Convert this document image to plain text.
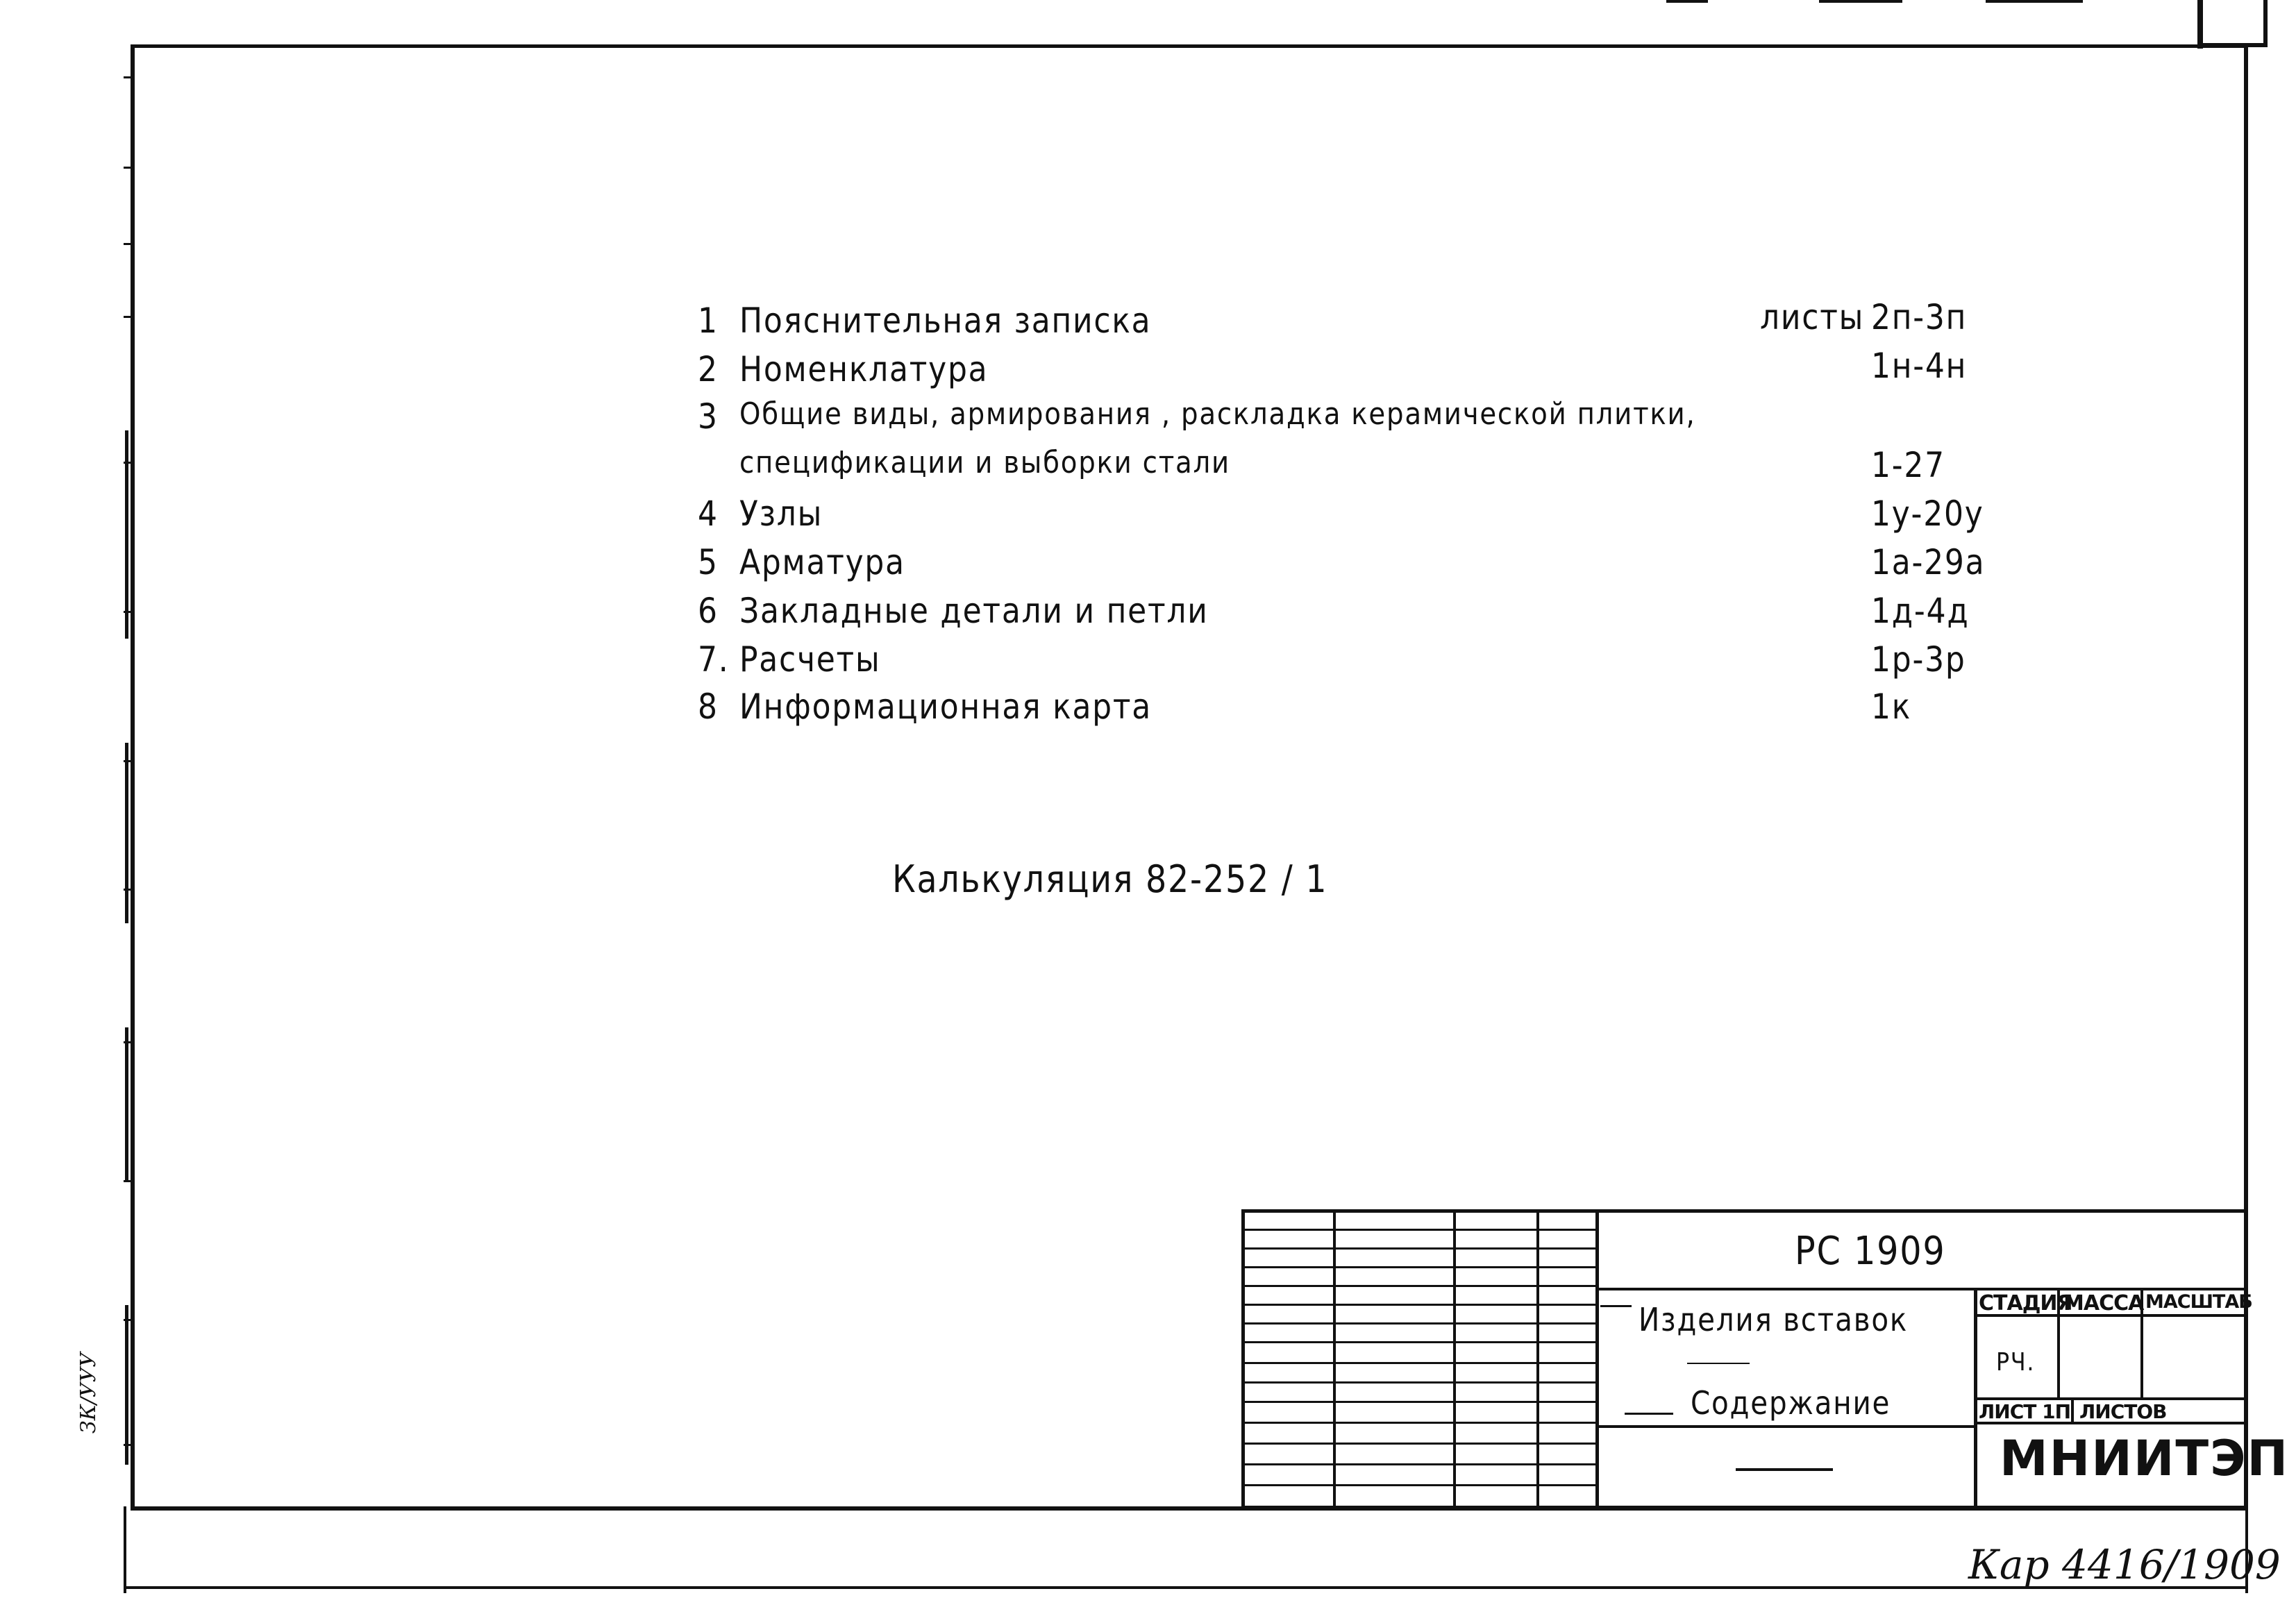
ЗК/УУУ
1 Пояснительная записка	листы 2п-3п
2 Номенклатура	1н-4н
3 Общие виды, армирования , раскладка керамической плитки,
спецификации и выборки стали	1-27
4 Узлы	1у-20у
5 Арматура	1а-29а
6 Закладные детали и петли	1д-4д
7. Расчеты	1р-3р
8 Информационная карта	1к
Калькуляция 82-252 / 1
РС 1909
Изделия вставок
Содержание
СТАДИЯ
МАССА МАСШТАБ
РЧ.
ЛИСТ 1П ЛИСТОВ
МНИИТЭП
Кар 4416/1909
